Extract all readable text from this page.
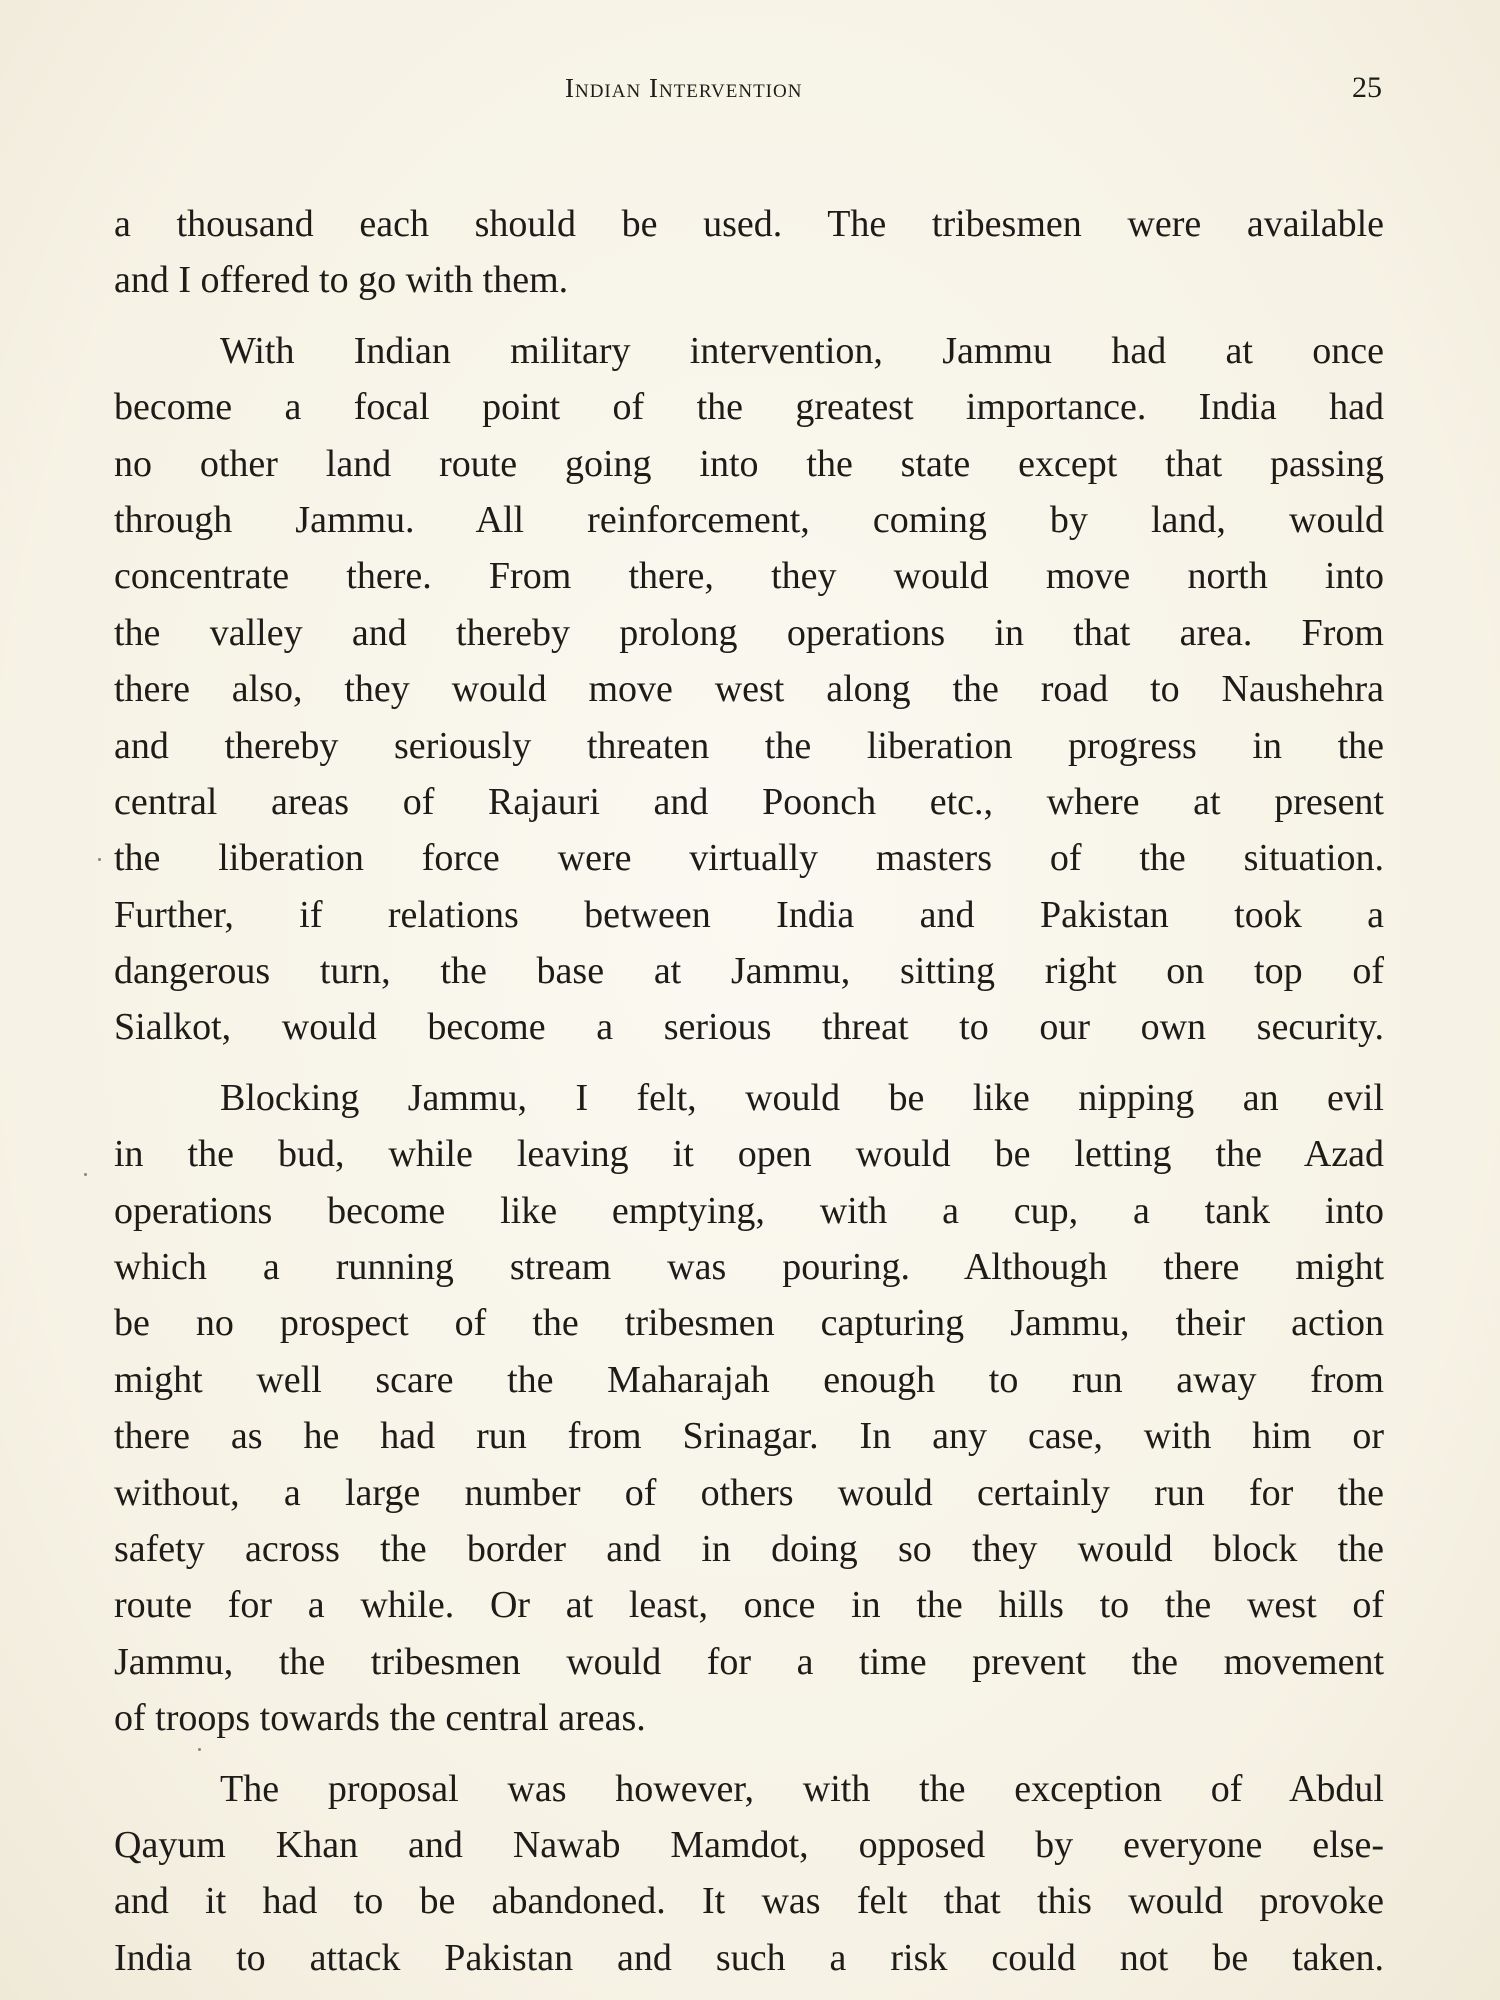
Indian Intervention	25
a thousand each should be used. The tribesmen were available
and I offered to go with them.
With Indian military intervention, Jammu had at once
become a focal point of the greatest importance. India had
no other land route going into the state except that passing
through Jammu. All reinforcement, coming by land, would
concentrate there. From there, they would move north into
the valley and thereby prolong operations in that area. From
there also, they would move west along the road to Naushehra
and thereby seriously threaten the liberation progress in the
central areas of Rajauri and Poonch etc., where at present
the liberation force were virtually masters of the situation.
Further, if relations between India and Pakistan took a
dangerous turn, the base at Jammu, sitting right on top of
Sialkot, would become a serious threat to our own security.
Blocking Jammu, I felt, would be like nipping an evil
in the bud, while leaving it open would be letting the Azad
operations become like emptying, with a cup, a tank into
which a running stream was pouring. Although there might
be no prospect of the tribesmen capturing Jammu, their action
might well scare the Maharajah enough to run away from
there as he had run from Srinagar. In any case, with him or
without, a large number of others would certainly run for the
safety across the border and in doing so they would block the
route for a while. Or at least, once in the hills to the west of
Jammu, the tribesmen would for a time prevent the movement
of troops towards the central areas.
The proposal was however, with the exception of Abdul
Qayum Khan and Nawab Mamdot, opposed by everyone else-
and it had to be abandoned. It was felt that this would provoke
India to attack Pakistan and such a risk could not be taken.
